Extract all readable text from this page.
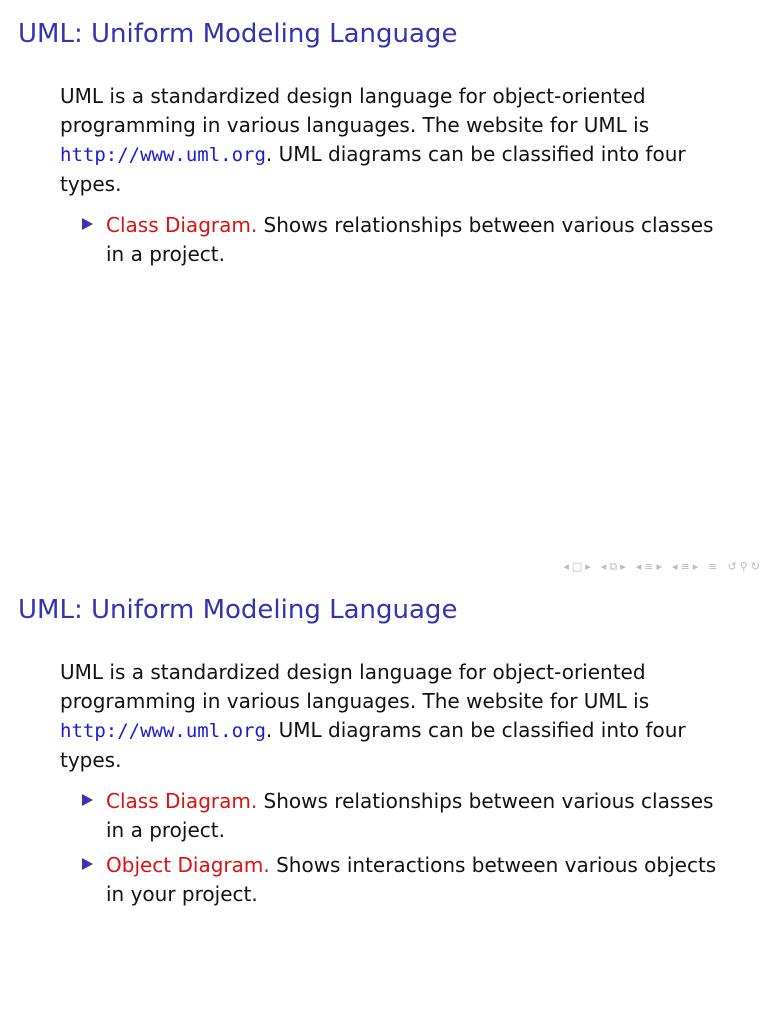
UML: Uniform Modeling Language

UML is a standardized design language for object-oriented programming in various languages. The website for UML is http://www.uml.org. UML diagrams can be classified into four types.

Class Diagram. Shows relationships between various classes in a project.
◂ □ ▸ ◂ ⧉ ▸ ◂ ≡ ▸ ◂ ≡ ▸ ≡ ↺ ⚲ ↻
UML: Uniform Modeling Language

UML is a standardized design language for object-oriented programming in various languages. The website for UML is http://www.uml.org. UML diagrams can be classified into four types.

Class Diagram. Shows relationships between various classes in a project.
Object Diagram. Shows interactions between various objects in your project.
